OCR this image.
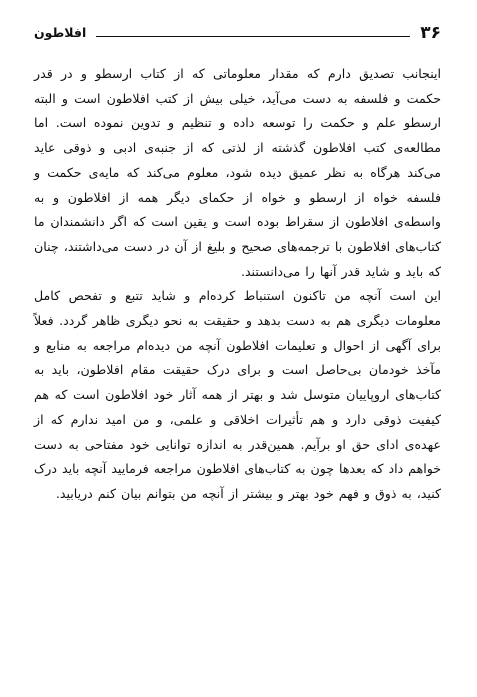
۳۶
افلاطون

اینجانب تصدیق دارم که مقدار معلوماتی که از کتاب ارسطو و در قدر حکمت و فلسفه به دست می‌آید، خیلی بیش از کتب افلاطون است و البته ارسطو علم و حکمت را توسعه داده و تنظیم و تدوین نموده است. اما مطالعه‌ی کتب افلاطون گذشته از لذتی که از جنبه‌ی ادبی و ذوقی عاید می‌کند هرگاه به نظر عمیق دیده شود، معلوم می‌کند که مایه‌ی حکمت و فلسفه خواه از ارسطو و خواه از حکمای دیگر همه از افلاطون و به واسطه‌ی افلاطون از سقراط بوده است و یقین است که اگر دانشمندان ما کتاب‌های افلاطون با ترجمه‌های صحیح و بلیغ از آن در دست می‌داشتند، چنان که باید و شاید قدر آنها را می‌دانستند.

این است آنچه من تاکنون استنباط کرده‌ام و شاید تتبع و تفحص کامل معلومات دیگری هم به دست بدهد و حقیقت به نحو دیگری ظاهر گردد. فعلاً برای آگهی از احوال و تعلیمات افلاطون آنچه من دیده‌ام مراجعه به منابع و مآخذ خودمان بی‌حاصل است و برای درک حقیقت مقام افلاطون، باید به کتاب‌های اروپاییان متوسل شد و بهتر از همه آثار خود افلاطون است که هم کیفیت ذوقی دارد و هم تأثیرات اخلاقی و علمی، و من امید ندارم که از عهده‌ی ادای حق او برآیم. همین‌قدر به اندازه توانایی خود مفتاحی به دست خواهم داد که بعدها چون به کتاب‌های افلاطون مراجعه فرمایید آنچه باید درک کنید، به ذوق و فهم خود بهتر و بیشتر از آنچه من بتوانم بیان کنم دریابید.
